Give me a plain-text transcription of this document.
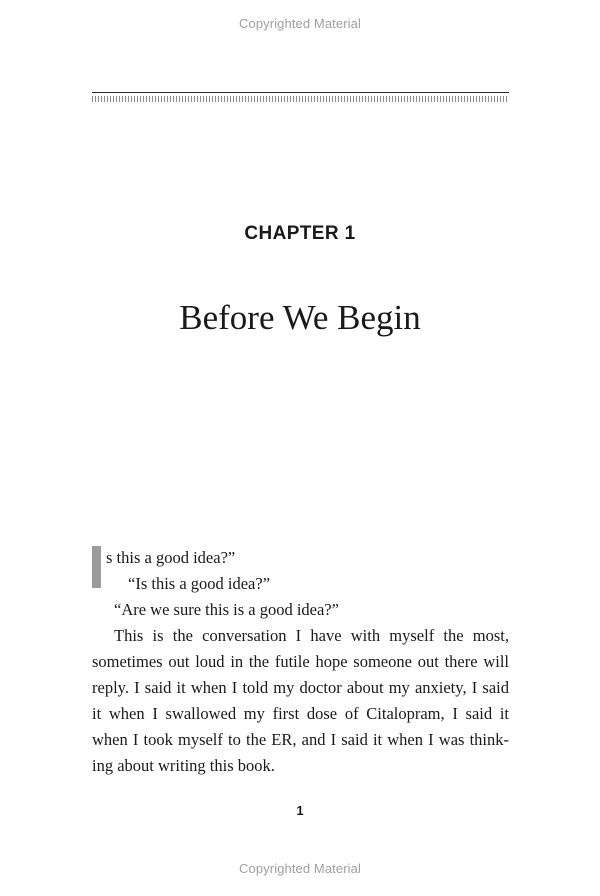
Copyrighted Material
CHAPTER 1
Before We Begin
s this a good idea?”
“Is this a good idea?”
“Are we sure this is a good idea?”
This is the conversation I have with myself the most,
sometimes out loud in the futile hope someone out there will
reply. I said it when I told my doctor about my anxiety, I said
it when I swallowed my first dose of Citalopram, I said it
when I took myself to the ER, and I said it when I was think-
ing about writing this book.
1
Copyrighted Material
